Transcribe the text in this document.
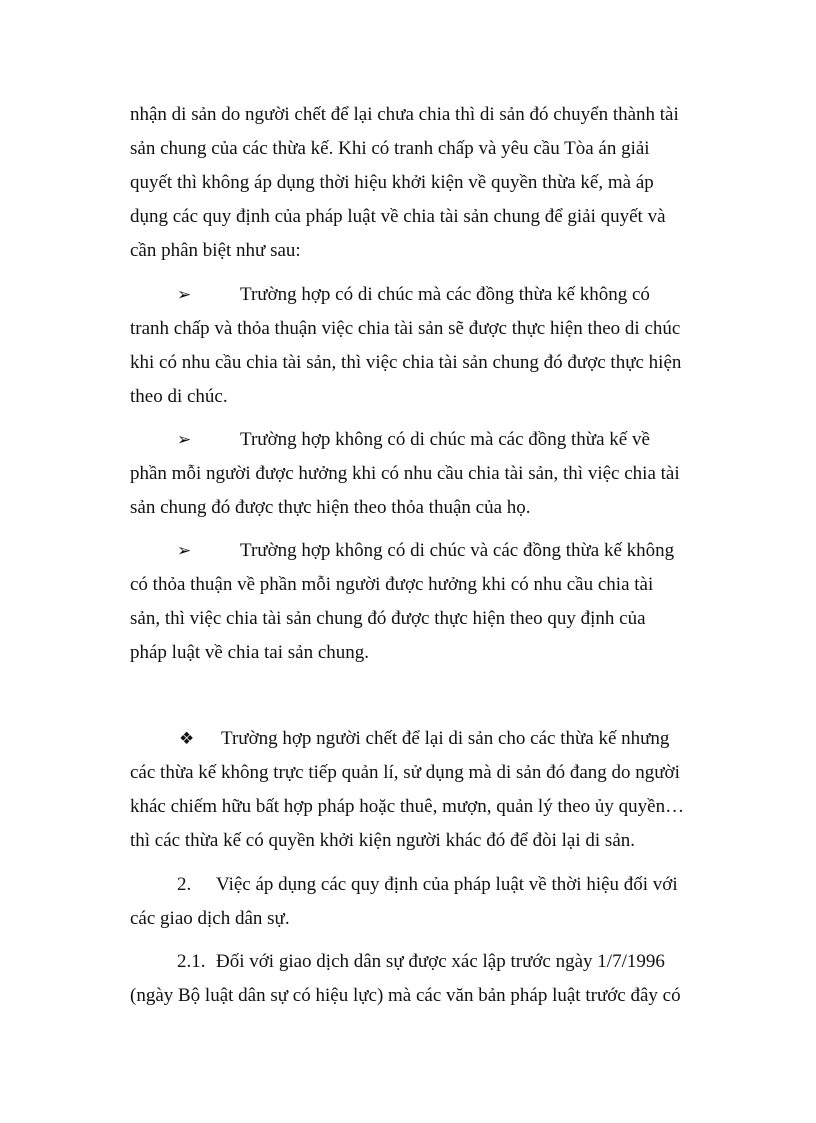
nhận di sản do người chết để lại chưa chia thì di sản đó chuyển thành tài
sản chung của các thừa kế. Khi có tranh chấp và yêu cầu Tòa án giải
quyết thì không áp dụng thời hiệu khởi kiện về quyền thừa kế, mà áp
dụng các quy định của pháp luật về chia tài sản chung để giải quyết và
cần phân biệt như sau:
➢	Trường hợp có di chúc mà các đồng thừa kế không có
tranh chấp và thỏa thuận việc chia tài sản sẽ được thực hiện theo di chúc
khi có nhu cầu chia tài sản, thì việc chia tài sản chung đó được thực hiện
theo di chúc.
➢	Trường hợp không có di chúc mà các đồng thừa kế về
phần mỗi người được hưởng khi có nhu cầu chia tài sản, thì việc chia tài
sản chung đó được thực hiện theo thỏa thuận của họ.
➢	Trường hợp không có di chúc và các đồng thừa kế không
có thỏa thuận về phần mỗi người được hưởng khi có nhu cầu chia tài
sản, thì việc chia tài sản chung đó được thực hiện theo quy định của
pháp luật về chia tai sản chung.
❖ Trường hợp người chết để lại di sản cho các thừa kế nhưng
các thừa kế không trực tiếp quản lí, sử dụng mà di sản đó đang do người
khác chiếm hữu bất hợp pháp hoặc thuê, mượn, quản lý theo ủy quyền…
thì các thừa kế có quyền khởi kiện người khác đó để đòi lại di sản.
2. Việc áp dụng các quy định của pháp luật về thời hiệu đối với
các giao dịch dân sự.
2.1. Đối với giao dịch dân sự được xác lập trước ngày 1/7/1996
(ngày Bộ luật dân sự có hiệu lực) mà các văn bản pháp luật trước đây có
